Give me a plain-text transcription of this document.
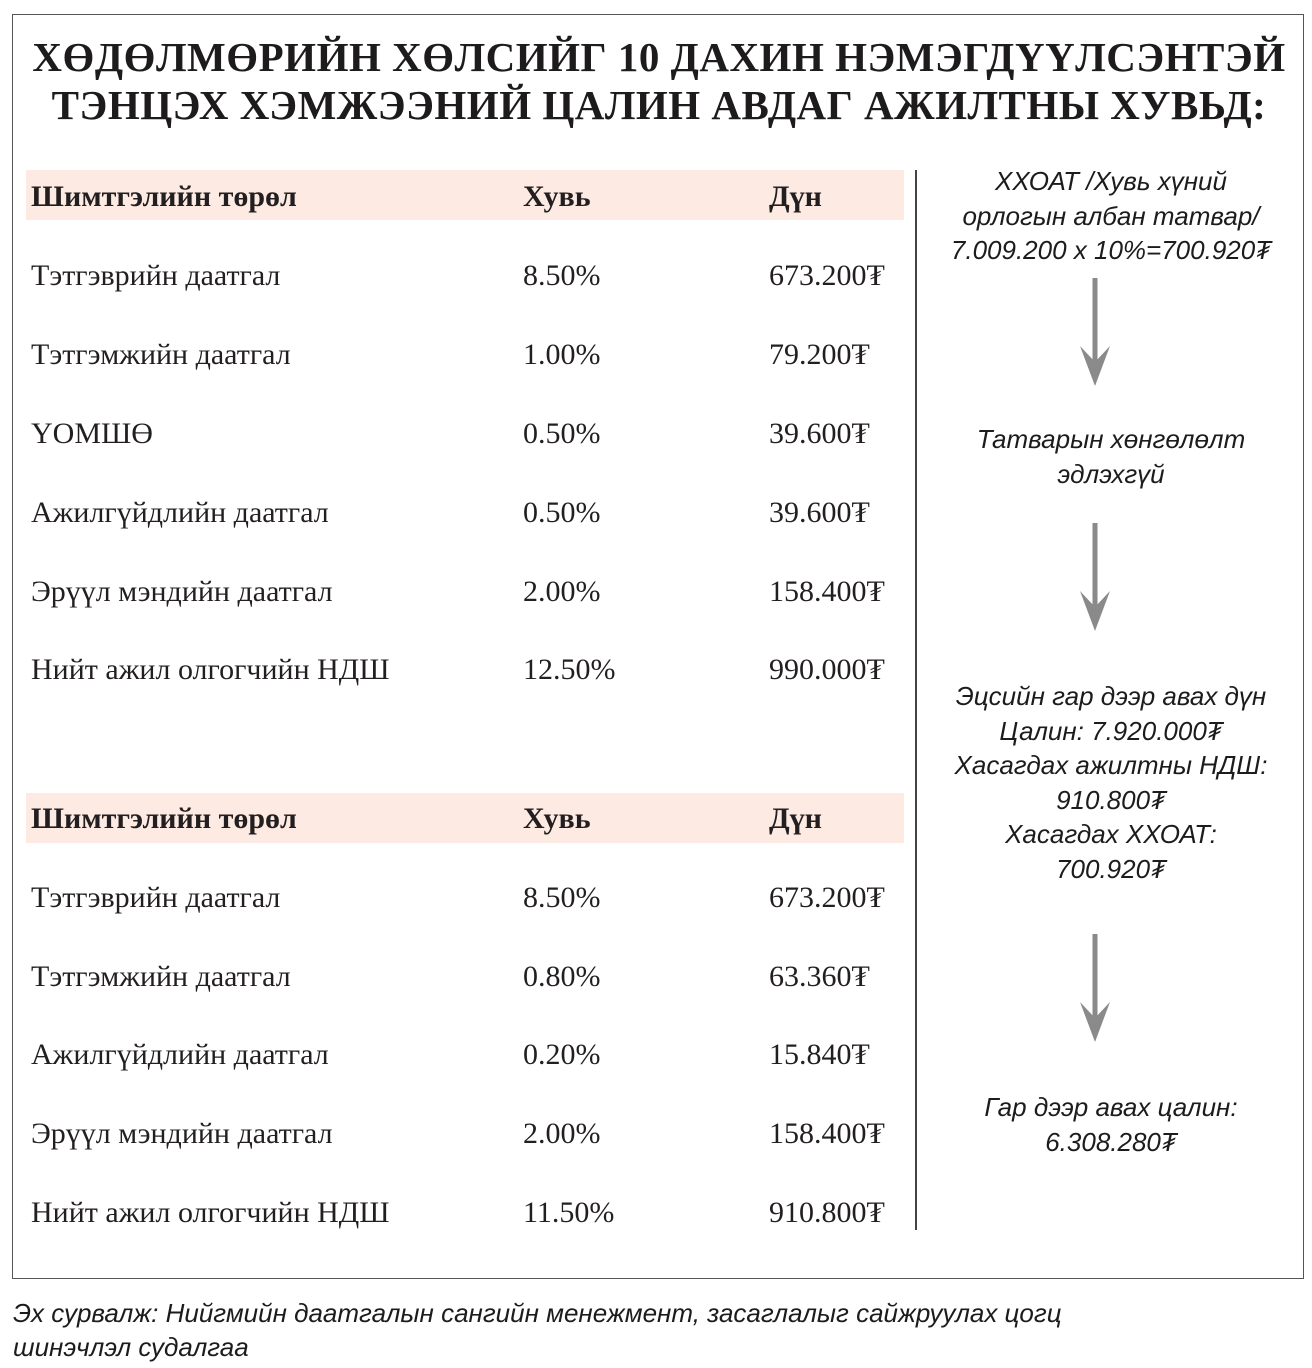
ХӨДӨЛМӨРИЙН ХӨЛСИЙГ 10 ДАХИН НЭМЭГДҮҮЛСЭНТЭЙ
ТЭНЦЭХ ХЭМЖЭЭНИЙ ЦАЛИН АВДАГ АЖИЛТНЫ ХУВЬД:
Шимтгэлийн төрөл	Хувь	Дүн
Тэтгэврийн даатгал	8.50%	673.200₮
Тэтгэмжийн даатгал	1.00%	79.200₮
ҮОМШӨ	0.50%	39.600₮
Ажилгүйдлийн даатгал	0.50%	39.600₮
Эрүүл мэндийн даатгал	2.00%	158.400₮
Нийт ажил олгогчийн НДШ	12.50%	990.000₮
Шимтгэлийн төрөл	Хувь	Дүн
Тэтгэврийн даатгал	8.50%	673.200₮
Тэтгэмжийн даатгал	0.80%	63.360₮
Ажилгүйдлийн даатгал	0.20%	15.840₮
Эрүүл мэндийн даатгал	2.00%	158.400₮
Нийт ажил олгогчийн НДШ	11.50%	910.800₮
ХХОАТ /Хувь хүний
орлогын албан татвар/
7.009.200 х 10%=700.920₮
Татварын хөнгөлөлт
эдлэхгүй
Эцсийн гар дээр авах дүн
Цалин: 7.920.000₮
Хасагдах ажилтны НДШ:
910.800₮
Хасагдах ХХОАТ:
700.920₮
Гар дээр авах цалин:
6.308.280₮
Эх сурвалж: Нийгмийн даатгалын сангийн менежмент, засаглалыг сайжруулах цогц
шинэчлэл судалгаа
